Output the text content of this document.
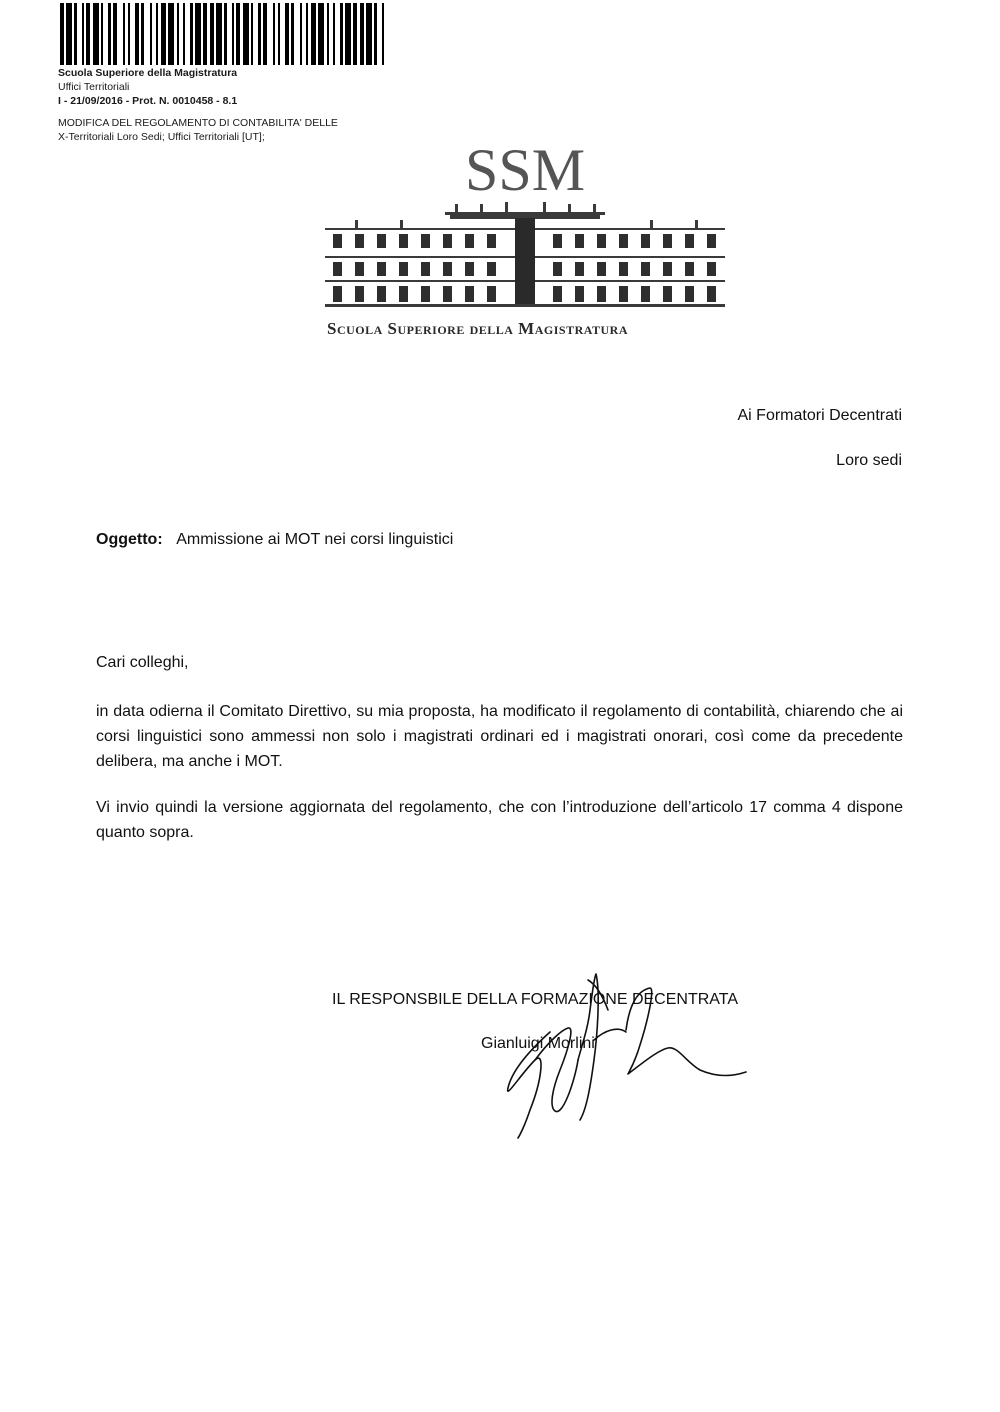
Scuola Superiore della Magistratura
Uffici Territoriali
I - 21/09/2016 - Prot. N. 0010458 - 8.1
MODIFICA DEL REGOLAMENTO DI CONTABILITA' DELLE
X-Territoriali Loro Sedi; Uffici Territoriali [UT];	SSM
Scuola Superiore della Magistratura
Ai Formatori Decentrati
Loro sedi
Oggetto: Ammissione ai MOT nei corsi linguistici
Cari colleghi,
in data odierna il Comitato Direttivo, su mia proposta, ha modificato il regolamento di contabilità, chiarendo che ai corsi linguistici sono ammessi non solo i magistrati ordinari ed i magistrati onorari, così come da precedente delibera, ma anche i MOT.
Vi invio quindi la versione aggiornata del regolamento, che con l’introduzione dell’articolo 17 comma 4 dispone quanto sopra.
IL RESPONSBILE DELLA FORMAZIONE DECENTRATA
Gianluigi Morlini
